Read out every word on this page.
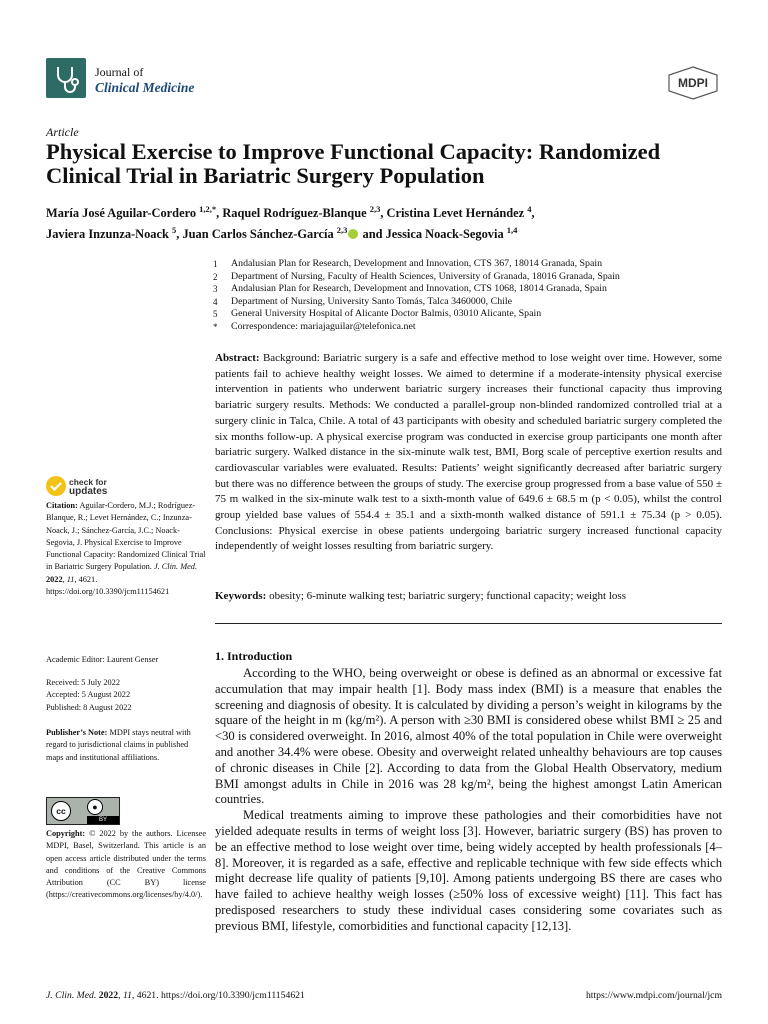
Journal of
Clinical Medicine	MDPI
Article
Physical Exercise to Improve Functional Capacity: Randomized Clinical Trial in Bariatric Surgery Population
María José Aguilar-Cordero $^{1,2,*}$, Raquel Rodríguez-Blanque $^{2,3}$, Cristina Levet Hernández $^4$,
Javiera Inzunza-Noack $^5$, Juan Carlos Sánchez-García $^{2,3}$ and Jessica Noack-Segovia $^{1,4}$
1	Andalusian Plan for Research, Development and Innovation, CTS 367, 18014 Granada, Spain
2	Department of Nursing, Faculty of Health Sciences, University of Granada, 18016 Granada, Spain
3	Andalusian Plan for Research, Development and Innovation, CTS 1068, 18014 Granada, Spain
4	Department of Nursing, University Santo Tomás, Talca 3460000, Chile
5	General University Hospital of Alicante Doctor Balmis, 03010 Alicante, Spain
*	Correspondence: mariajaguilar@telefonica.net
Abstract: Background: Bariatric surgery is a safe and effective method to lose weight over time. However, some patients fail to achieve healthy weight losses. We aimed to determine if a moderate-intensity physical exercise intervention in patients who underwent bariatric surgery increases their functional capacity thus improving bariatric surgery results. Methods: We conducted a parallel-group non-blinded randomized controlled trial at a surgery clinic in Talca, Chile. A total of 43 participants with obesity and scheduled bariatric surgery completed the six months follow-up. A physical exercise program was conducted in exercise group participants one month after bariatric surgery. Walked distance in the six-minute walk test, BMI, Borg scale of perceptive exertion results and cardiovascular variables were evaluated. Results: Patients’ weight significantly decreased after bariatric surgery but there was no difference between the groups of study. The exercise group progressed from a base value of 550 ± 75 m walked in the six-minute walk test to a sixth-month value of 649.6 ± 68.5 m (p < 0.05), whilst the control group yielded base values of 554.4 ± 35.1 and a sixth-month walked distance of 591.1 ± 75.34 (p > 0.05). Conclusions: Physical exercise in obese patients undergoing bariatric surgery increased functional capacity independently of weight losses resulting from bariatric surgery.
Keywords: obesity; 6-minute walking test; bariatric surgery; functional capacity; weight loss
check for
updates
Citation: Aguilar-Cordero, M.J.; Rodríguez-Blanque, R.; Levet Hernández, C.; Inzunza-Noack, J.; Sánchez-García, J.C.; Noack-Segovia, J. Physical Exercise to Improve Functional Capacity: Randomized Clinical Trial in Bariatric Surgery Population. J. Clin. Med. 2022, 11, 4621. https://doi.org/10.3390/jcm11154621
Academic Editor: Laurent Genser
Received: 5 July 2022
Accepted: 5 August 2022
Published: 8 August 2022
Publisher’s Note: MDPI stays neutral with regard to jurisdictional claims in published maps and institutional affiliations.
cc	●
BY
Copyright: © 2022 by the authors. Licensee MDPI, Basel, Switzerland. This article is an open access article distributed under the terms and conditions of the Creative Commons Attribution (CC BY) license (https://creativecommons.org/licenses/by/4.0/).
1. Introduction

According to the WHO, being overweight or obese is defined as an abnormal or excessive fat accumulation that may impair health [1]. Body mass index (BMI) is a measure that enables the screening and diagnosis of obesity. It is calculated by dividing a person’s weight in kilograms by the square of the height in m (kg/m²). A person with ≥30 BMI is considered obese whilst BMI ≥ 25 and <30 is considered overweight. In 2016, almost 40% of the total population in Chile were overweight and another 34.4% were obese. Obesity and overweight related unhealthy behaviours are top causes of chronic diseases in Chile [2]. According to data from the Global Health Observatory, medium BMI amongst adults in Chile in 2016 was 28 kg/m², being the highest amongst Latin American countries.

Medical treatments aiming to improve these pathologies and their comorbidities have not yielded adequate results in terms of weight loss [3]. However, bariatric surgery (BS) has proven to be an effective method to lose weight over time, being widely accepted by health professionals [4–8]. Moreover, it is regarded as a safe, effective and replicable technique with few side effects which might decrease life quality of patients [9,10]. Among patients undergoing BS there are cases who have failed to achieve healthy weigh losses (≥50% loss of excessive weight) [11]. This fact has predisposed researchers to study these individual cases considering some covariates such as previous BMI, lifestyle, comorbidities and functional capacity [12,13].

J. Clin. Med. 2022, 11, 4621. https://doi.org/10.3390/jcm11154621	https://www.mdpi.com/journal/jcm
